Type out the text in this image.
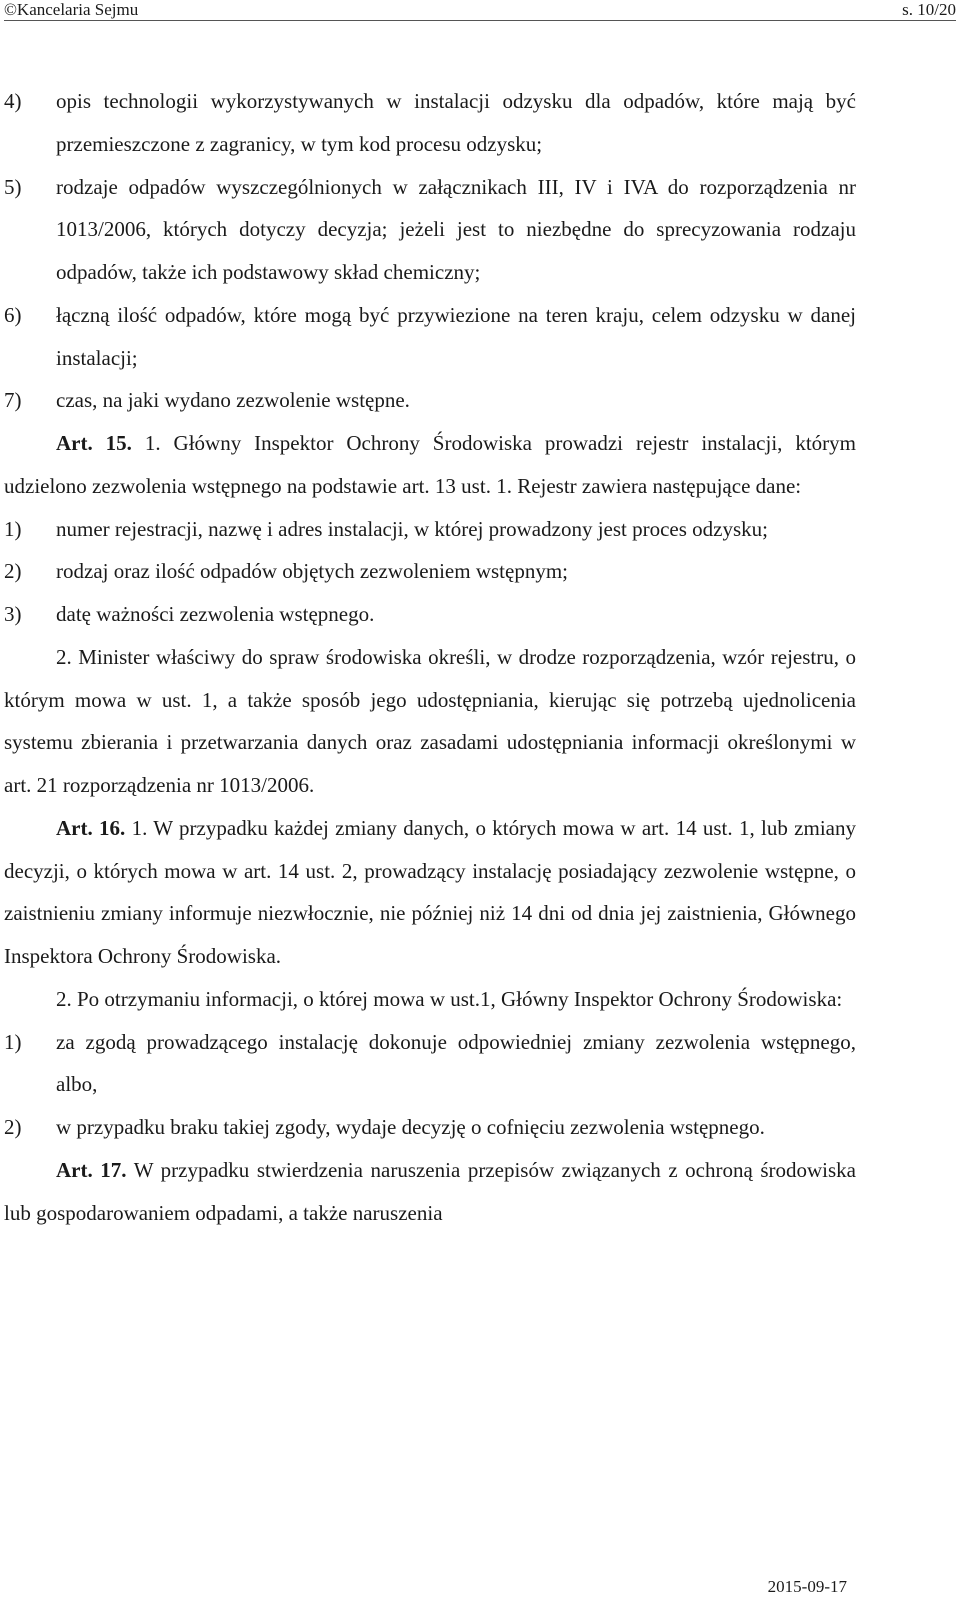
©Kancelaria Sejmu	s. 10/20
4)	opis technologii wykorzystywanych w instalacji odzysku dla odpadów, które mają być przemieszczone z zagranicy, w tym kod procesu odzysku;
5)	rodzaje odpadów wyszczególnionych w załącznikach III, IV i IVA do rozporządzenia nr 1013/2006, których dotyczy decyzja; jeżeli jest to niezbędne do sprecyzowania rodzaju odpadów, także ich podstawowy skład chemiczny;
6)	łączną ilość odpadów, które mogą być przywiezione na teren kraju, celem odzysku w danej instalacji;
7)	czas, na jaki wydano zezwolenie wstępne.

Art. 15. 1. Główny Inspektor Ochrony Środowiska prowadzi rejestr instalacji, którym udzielono zezwolenia wstępnego na podstawie art. 13 ust. 1. Rejestr zawiera następujące dane:

1)	numer rejestracji, nazwę i adres instalacji, w której prowadzony jest proces odzysku;
2)	rodzaj oraz ilość odpadów objętych zezwoleniem wstępnym;
3)	datę ważności zezwolenia wstępnego.

2. Minister właściwy do spraw środowiska określi, w drodze rozporządzenia, wzór rejestru, o którym mowa w ust. 1, a także sposób jego udostępniania, kierując się potrzebą ujednolicenia systemu zbierania i przetwarzania danych oraz zasadami udostępniania informacji określonymi w art. 21 rozporządzenia nr 1013/2006.

Art. 16. 1. W przypadku każdej zmiany danych, o których mowa w art. 14 ust. 1, lub zmiany decyzji, o których mowa w art. 14 ust. 2, prowadzący instalację posiadający zezwolenie wstępne, o zaistnieniu zmiany informuje niezwłocznie, nie później niż 14 dni od dnia jej zaistnienia, Głównego Inspektora Ochrony Środowiska.

2. Po otrzymaniu informacji, o której mowa w ust.1, Główny Inspektor Ochrony Środowiska:

1)	za zgodą prowadzącego instalację dokonuje odpowiedniej zmiany zezwolenia wstępnego, albo,
2)	w przypadku braku takiej zgody, wydaje decyzję o cofnięciu zezwolenia wstępnego.

Art. 17. W przypadku stwierdzenia naruszenia przepisów związanych z ochroną środowiska lub gospodarowaniem odpadami, a także naruszenia

2015-09-17
